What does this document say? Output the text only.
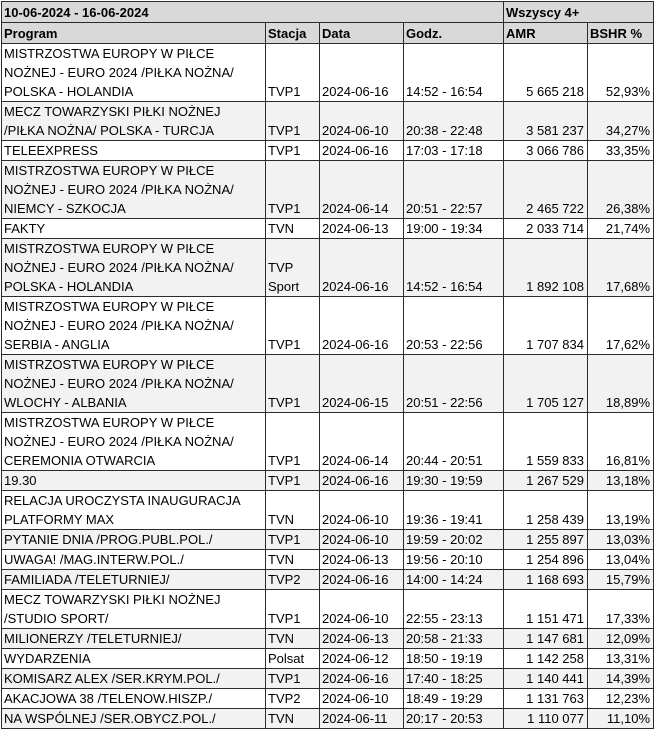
10-06-2024 - 16-06-2024				Wszyscy 4+	
Program	Stacja	Data	Godz.	AMR	BSHR %
MISTRZOSTWA EUROPY W PIŁCE NOŻNEJ - EURO 2024 /PIŁKA NOŻNA/ POLSKA - HOLANDIA	TVP1	2024-06-16	14:52 - 16:54	5 665 218	52,93%
MECZ TOWARZYSKI PIŁKI NOŻNEJ /PIŁKA NOŻNA/ POLSKA - TURCJA	TVP1	2024-06-10	20:38 - 22:48	3 581 237	34,27%
TELEEXPRESS	TVP1	2024-06-16	17:03 - 17:18	3 066 786	33,35%
MISTRZOSTWA EUROPY W PIŁCE NOŻNEJ - EURO 2024 /PIŁKA NOŻNA/ NIEMCY - SZKOCJA	TVP1	2024-06-14	20:51 - 22:57	2 465 722	26,38%
FAKTY	TVN	2024-06-13	19:00 - 19:34	2 033 714	21,74%
MISTRZOSTWA EUROPY W PIŁCE NOŻNEJ - EURO 2024 /PIŁKA NOŻNA/ POLSKA - HOLANDIA	TVP Sport	2024-06-16	14:52 - 16:54	1 892 108	17,68%
MISTRZOSTWA EUROPY W PIŁCE NOŻNEJ - EURO 2024 /PIŁKA NOŻNA/ SERBIA - ANGLIA	TVP1	2024-06-16	20:53 - 22:56	1 707 834	17,62%
MISTRZOSTWA EUROPY W PIŁCE NOŻNEJ - EURO 2024 /PIŁKA NOŻNA/ WLOCHY - ALBANIA	TVP1	2024-06-15	20:51 - 22:56	1 705 127	18,89%
MISTRZOSTWA EUROPY W PIŁCE NOŻNEJ - EURO 2024 /PIŁKA NOŻNA/ CEREMONIA OTWARCIA	TVP1	2024-06-14	20:44 - 20:51	1 559 833	16,81%
19.30	TVP1	2024-06-16	19:30 - 19:59	1 267 529	13,18%
RELACJA UROCZYSTA INAUGURACJA PLATFORMY MAX	TVN	2024-06-10	19:36 - 19:41	1 258 439	13,19%
PYTANIE DNIA /PROG.PUBL.POL./	TVP1	2024-06-10	19:59 - 20:02	1 255 897	13,03%
UWAGA! /MAG.INTERW.POL./	TVN	2024-06-13	19:56 - 20:10	1 254 896	13,04%
FAMILIADA /TELETURNIEJ/	TVP2	2024-06-16	14:00 - 14:24	1 168 693	15,79%
MECZ TOWARZYSKI PIŁKI NOŻNEJ /STUDIO SPORT/	TVP1	2024-06-10	22:55 - 23:13	1 151 471	17,33%
MILIONERZY /TELETURNIEJ/	TVN	2024-06-13	20:58 - 21:33	1 147 681	12,09%
WYDARZENIA	Polsat	2024-06-12	18:50 - 19:19	1 142 258	13,31%
KOMISARZ ALEX /SER.KRYM.POL./	TVP1	2024-06-16	17:40 - 18:25	1 140 441	14,39%
AKACJOWA 38 /TELENOW.HISZP./	TVP2	2024-06-10	18:49 - 19:29	1 131 763	12,23%
NA WSPÓLNEJ /SER.OBYCZ.POL./	TVN	2024-06-11	20:17 - 20:53	1 110 077	11,10%
